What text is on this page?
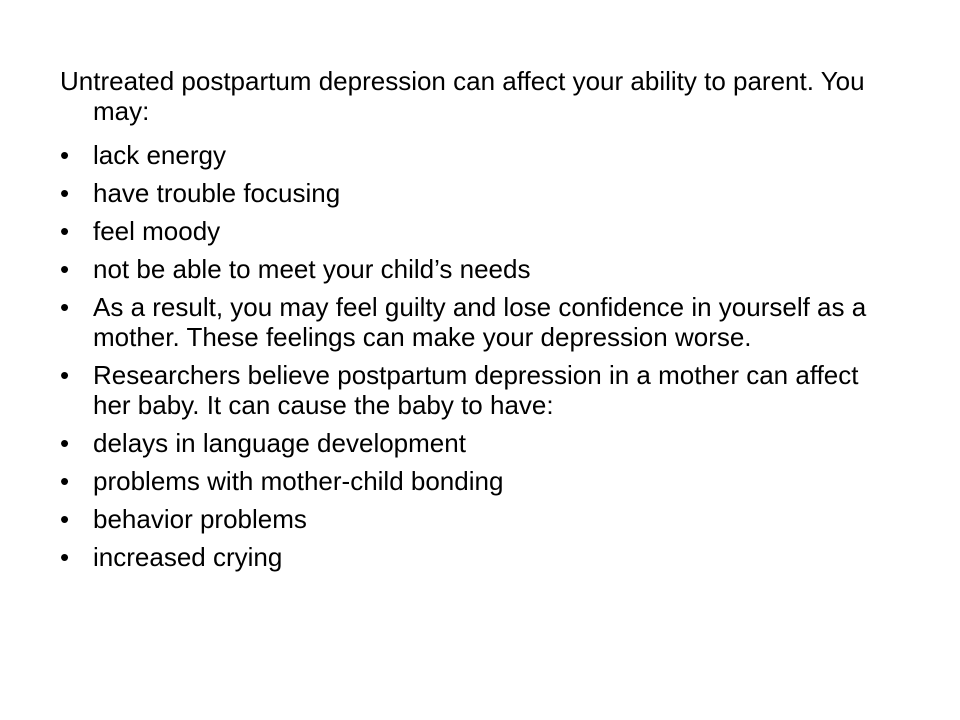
Untreated postpartum depression can affect your ability to parent. You may:

• lack energy
• have trouble focusing
• feel moody
• not be able to meet your child’s needs
• As a result, you may feel guilty and lose confidence in yourself as a mother. These feelings can make your depression worse.
• Researchers believe postpartum depression in a mother can affect her baby. It can cause the baby to have:
• delays in language development
• problems with mother-child bonding
• behavior problems
• increased crying
